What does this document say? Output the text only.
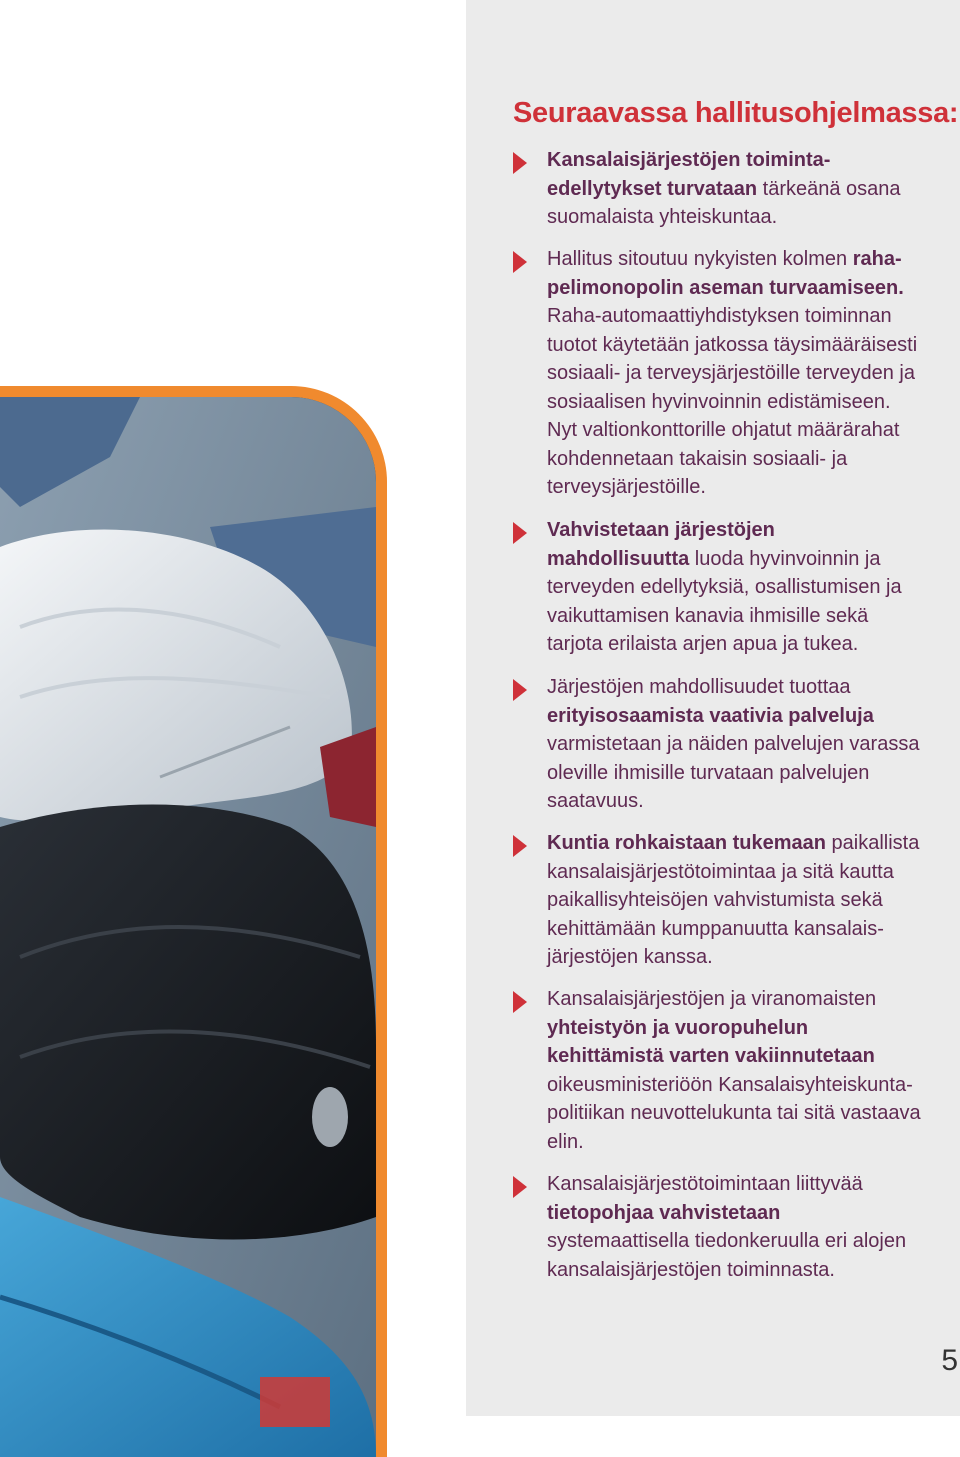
Seuraavassa hallitusohjelmassa:
Kansalaisjärjestöjen toiminta-
edellytykset turvataan tärkeänä osana
suomalaista yhteiskuntaa.
Hallitus sitoutuu nykyisten kolmen raha-
pelimonopolin aseman turvaamiseen.
Raha-automaattiyhdistyksen toiminnan
tuotot käytetään jatkossa täysimääräisesti
sosiaali- ja terveysjärjestöille terveyden ja
sosiaalisen hyvinvoinnin edistämiseen.
Nyt valtionkonttorille ohjatut määrärahat
kohdennetaan takaisin sosiaali- ja
terveysjärjestöille.
Vahvistetaan järjestöjen
mahdollisuutta luoda hyvinvoinnin ja
terveyden edellytyksiä, osallistumisen ja
vaikuttamisen kanavia ihmisille sekä
tarjota erilaista arjen apua ja tukea.
Järjestöjen mahdollisuudet tuottaa
erityisosaamista vaativia palveluja
varmistetaan ja näiden palvelujen varassa
oleville ihmisille turvataan palvelujen
saatavuus.
Kuntia rohkaistaan tukemaan paikallista
kansalaisjärjestötoimintaa ja sitä kautta
paikallisyhteisöjen vahvistumista sekä
kehittämään kumppanuutta kansalais-
järjestöjen kanssa.
Kansalaisjärjestöjen ja viranomaisten
yhteistyön ja vuoropuhelun
kehittämistä varten vakiinnutetaan
oikeusministeriöön Kansalaisyhteiskunta-
politiikan neuvottelukunta tai sitä vastaava
elin.
Kansalaisjärjestötoimintaan liittyvää
tietopohjaa vahvistetaan
systemaattisella tiedonkeruulla eri alojen
kansalaisjärjestöjen toiminnasta.
5
